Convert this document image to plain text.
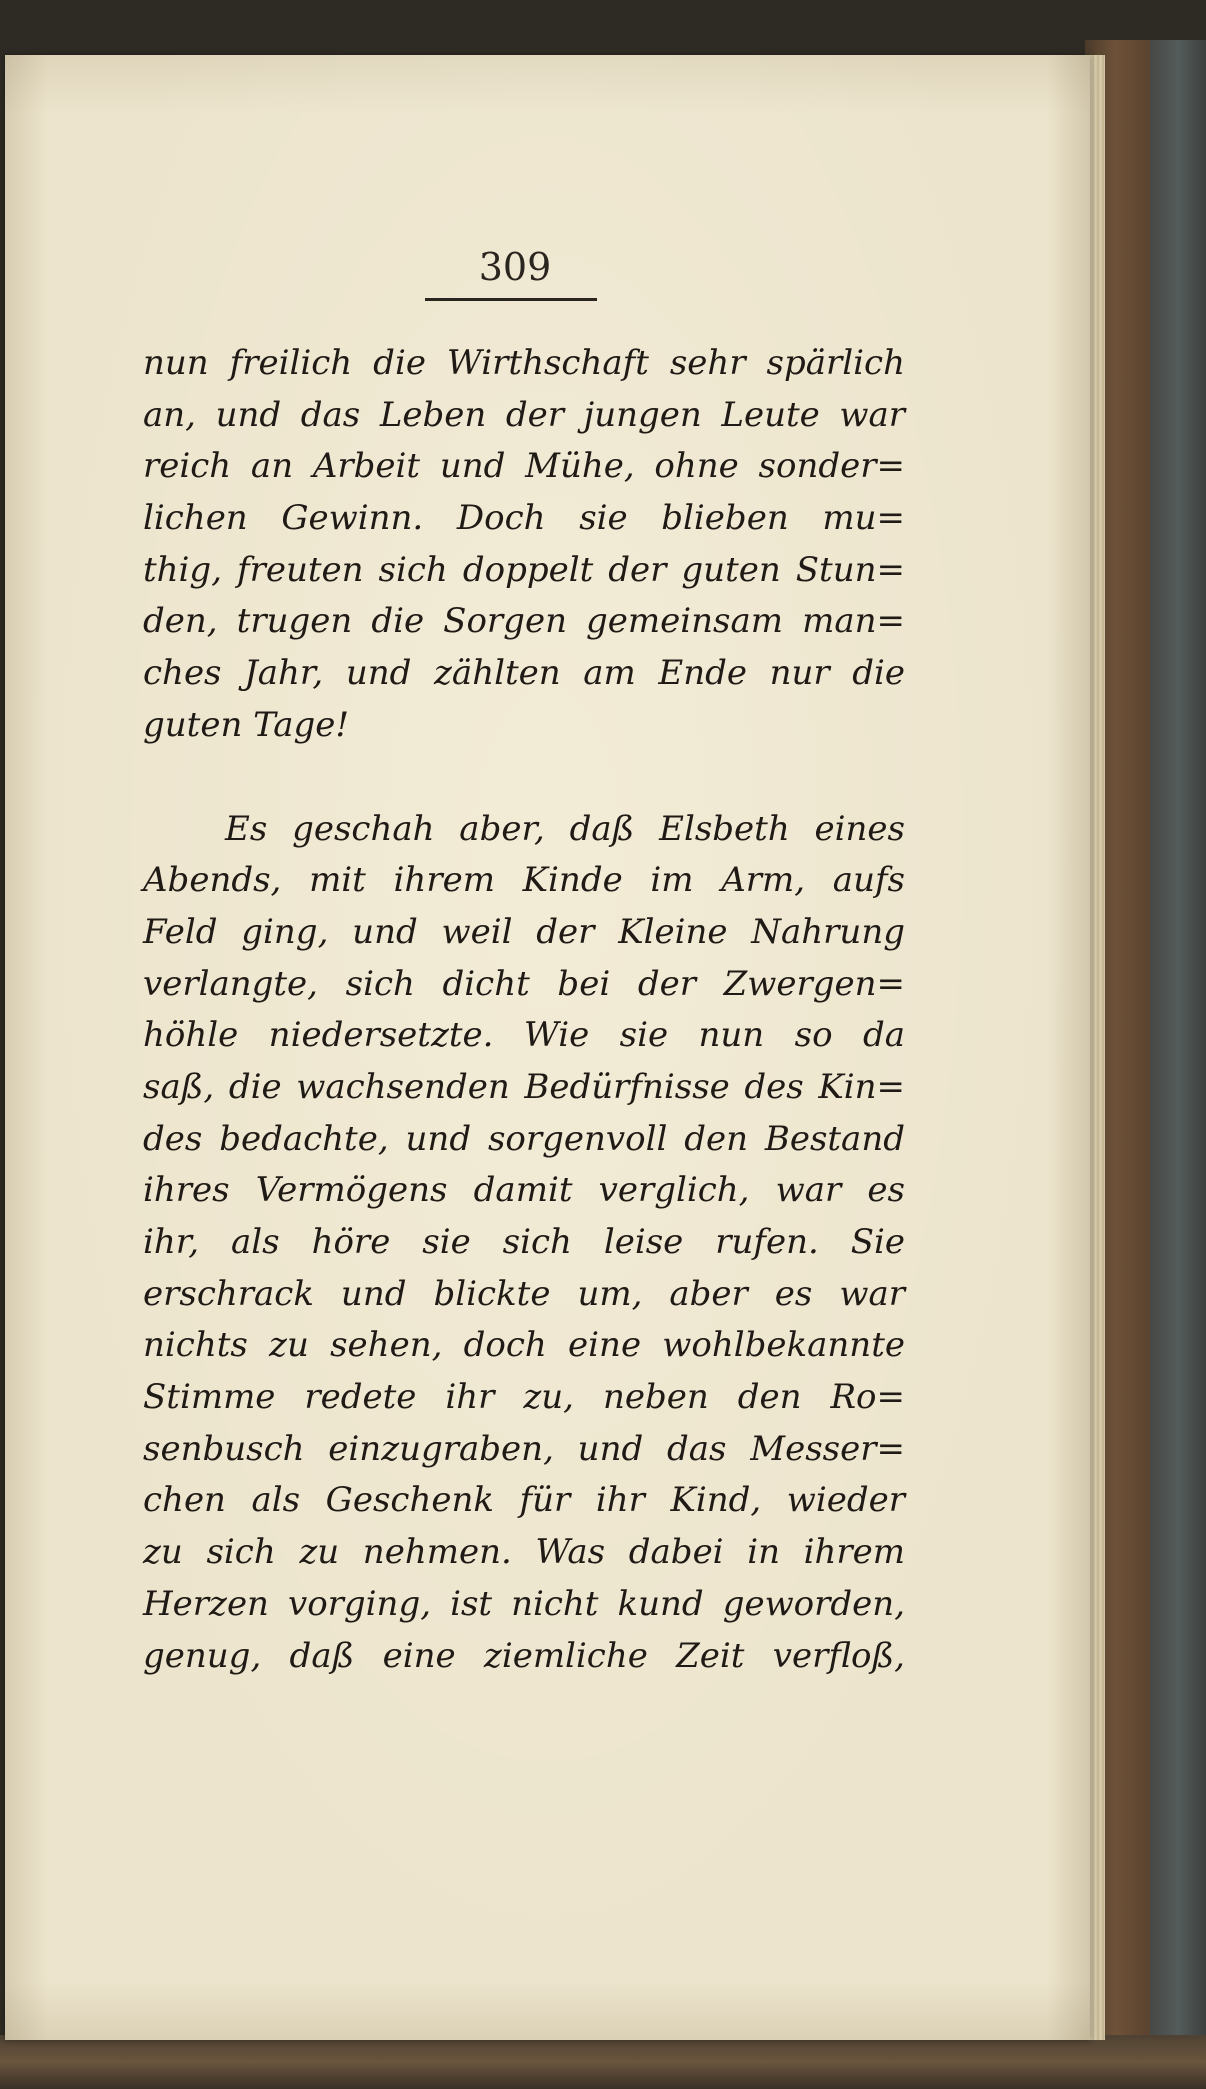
309
nun freilich die Wirthschaft sehr spärlich
an, und das Leben der jungen Leute war
reich an Arbeit und Mühe, ohne sonder=
lichen Gewinn. Doch sie blieben mu=
thig, freuten sich doppelt der guten Stun=
den, trugen die Sorgen gemeinsam man=
ches Jahr, und zählten am Ende nur die
guten Tage!
Es geschah aber, daß Elsbeth eines
Abends, mit ihrem Kinde im Arm, aufs
Feld ging, und weil der Kleine Nahrung
verlangte, sich dicht bei der Zwergen=
höhle niedersetzte. Wie sie nun so da
saß, die wachsenden Bedürfnisse des Kin=
des bedachte, und sorgenvoll den Bestand
ihres Vermögens damit verglich, war es
ihr, als höre sie sich leise rufen. Sie
erschrack und blickte um, aber es war
nichts zu sehen, doch eine wohlbekannte
Stimme redete ihr zu, neben den Ro=
senbusch einzugraben, und das Messer=
chen als Geschenk für ihr Kind, wieder
zu sich zu nehmen. Was dabei in ihrem
Herzen vorging, ist nicht kund geworden,
genug, daß eine ziemliche Zeit verfloß,
